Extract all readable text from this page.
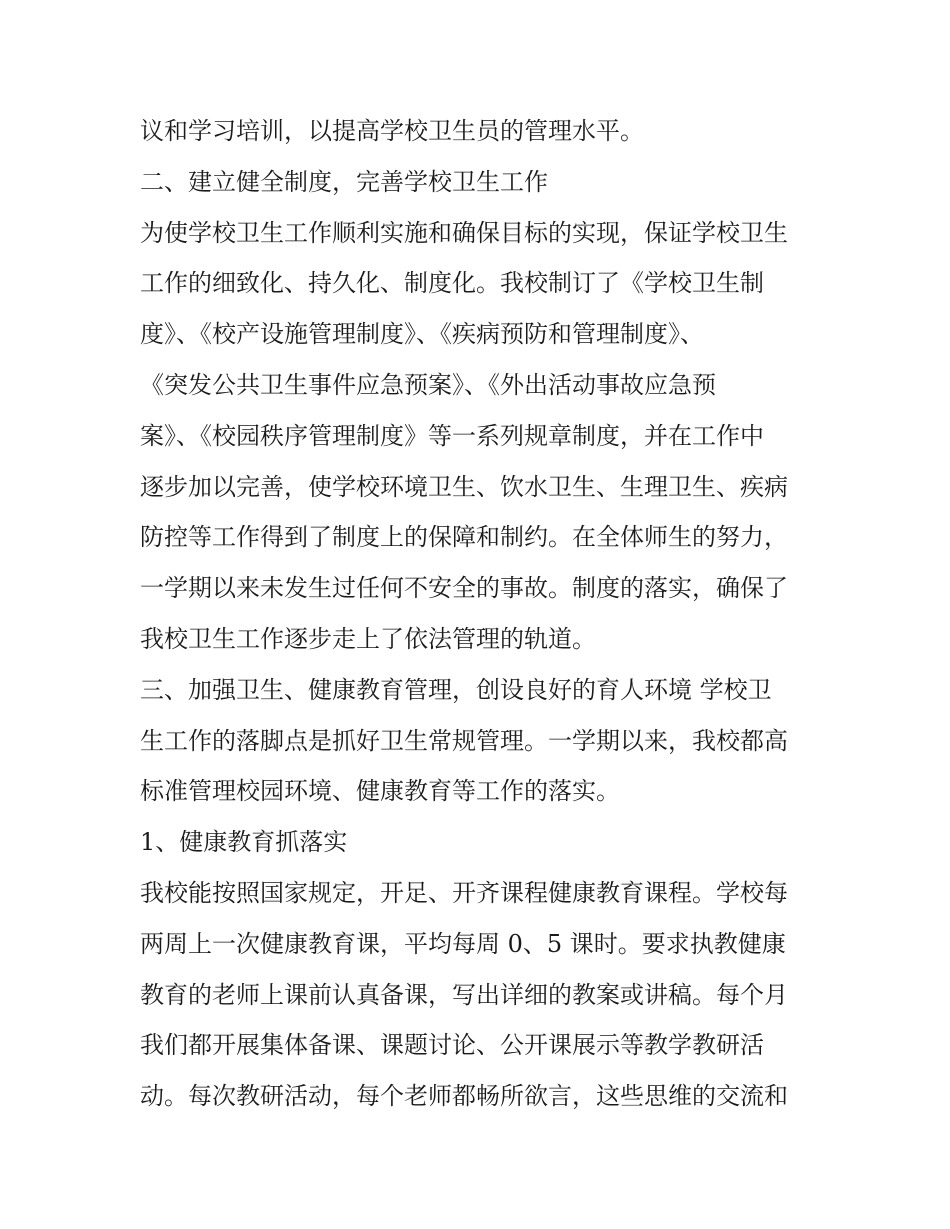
议和学习培训，以提高学校卫生员的管理水平。
二、建立健全制度，完善学校卫生工作
为使学校卫生工作顺利实施和确保目标的实现，保证学校卫生
工作的细致化、持久化、制度化。我校制订了《学校卫生制
度》、《校产设施管理制度》、《疾病预防和管理制度》、
《突发公共卫生事件应急预案》、《外出活动事故应急预
案》、《校园秩序管理制度》等一系列规章制度，并在工作中
逐步加以完善，使学校环境卫生、饮水卫生、生理卫生、疾病
防控等工作得到了制度上的保障和制约。在全体师生的努力，
一学期以来未发生过任何不安全的事故。制度的落实，确保了
我校卫生工作逐步走上了依法管理的轨道。
三、加强卫生、健康教育管理，创设良好的育人环境 学校卫
生工作的落脚点是抓好卫生常规管理。一学期以来，我校都高
标准管理校园环境、健康教育等工作的落实。
1、健康教育抓落实
我校能按照国家规定，开足、开齐课程健康教育课程。学校每
两周上一次健康教育课，平均每周 0、5 课时。要求执教健康
教育的老师上课前认真备课，写出详细的教案或讲稿。每个月
我们都开展集体备课、课题讨论、公开课展示等教学教研活
动。每次教研活动，每个老师都畅所欲言，这些思维的交流和
